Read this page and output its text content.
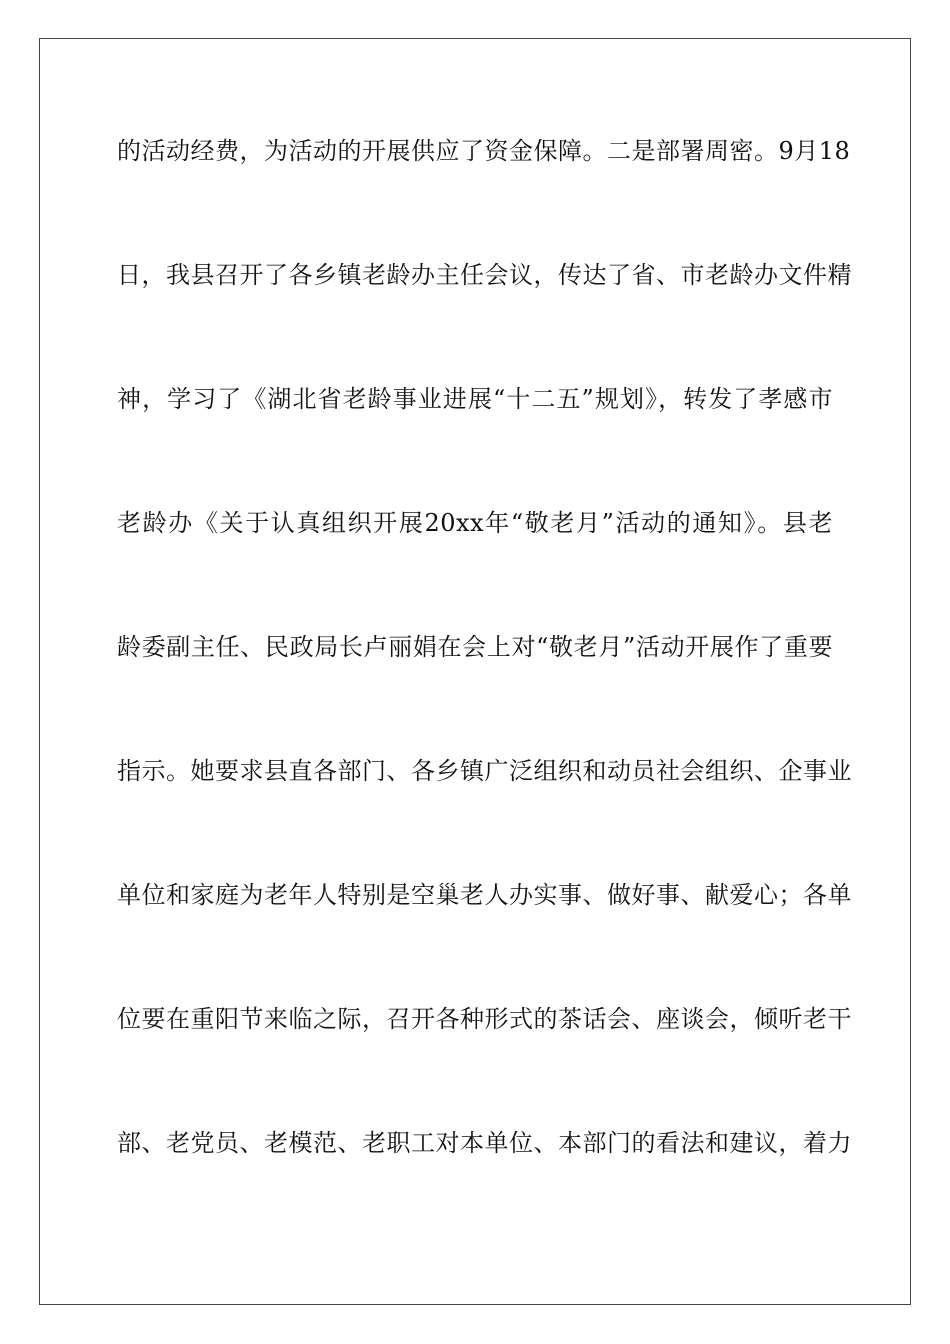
的活动经费，为活动的开展供应了资金保障。二是部署周密。9月18
日，我县召开了各乡镇老龄办主任会议，传达了省、市老龄办文件精
神，学习了《湖北省老龄事业进展“十二五”规划》，转发了孝感市
老龄办《关于认真组织开展20xx年“敬老月”活动的通知》。县老
龄委副主任、民政局长卢丽娟在会上对“敬老月”活动开展作了重要
指示。她要求县直各部门、各乡镇广泛组织和动员社会组织、企事业
单位和家庭为老年人特别是空巢老人办实事、做好事、献爱心；各单
位要在重阳节来临之际，召开各种形式的茶话会、座谈会，倾听老干
部、老党员、老模范、老职工对本单位、本部门的看法和建议，着力
